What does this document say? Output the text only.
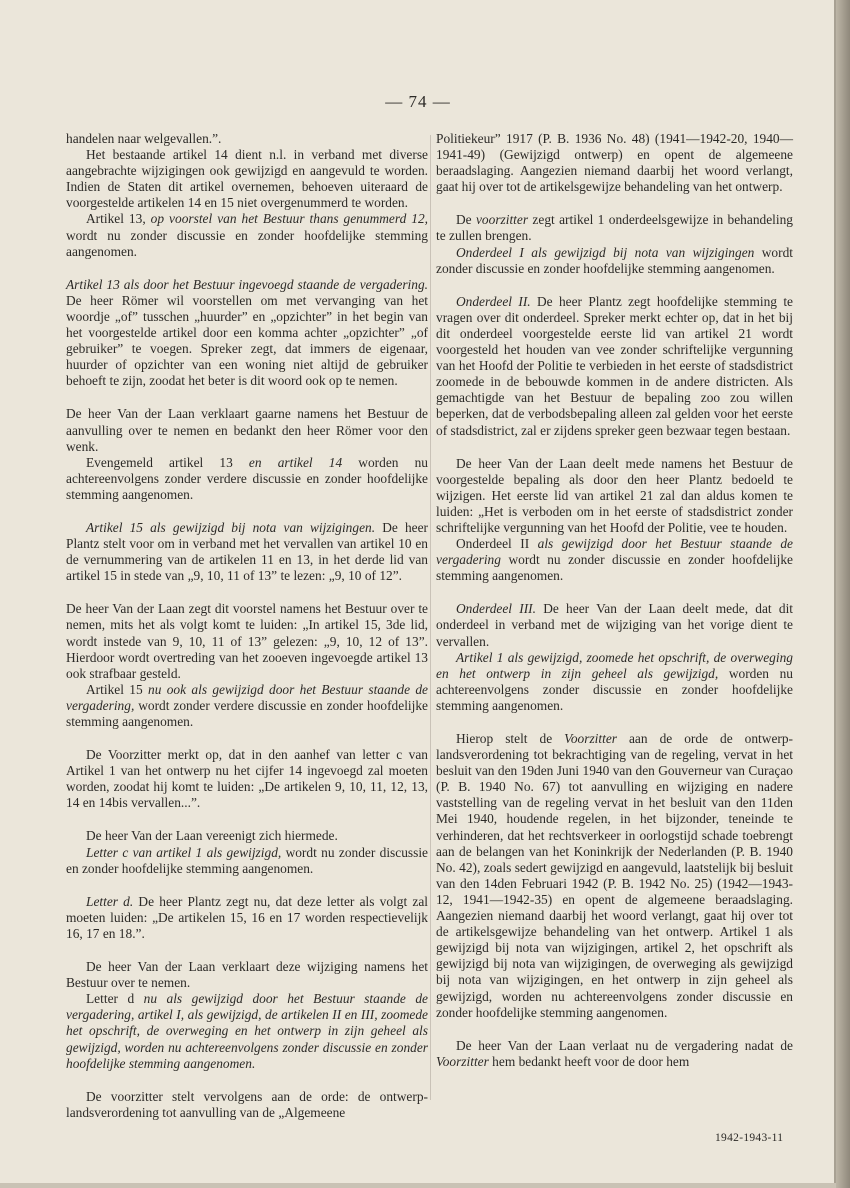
— 74 —

handelen naar welgevallen.”.

Het bestaande artikel 14 dient n.l. in verband met diverse aangebrachte wijzigingen ook gewijzigd en aangevuld te worden. Indien de Staten dit artikel overnemen, behoeven uiteraard de voorgestelde artikelen 14 en 15 niet overgenummerd te worden.

Artikel 13, op voorstel van het Bestuur thans genummerd 12, wordt nu zonder discussie en zonder hoofdelijke stemming aangenomen.

Artikel 13 als door het Bestuur ingevoegd staande de vergadering. De heer Römer wil voorstellen om met vervanging van het woordje „of” tusschen „huurder” en „opzichter” in het begin van het voorgestelde artikel door een komma achter „opzichter” „of gebruiker” te voegen. Spreker zegt, dat immers de eigenaar, huurder of opzichter van een woning niet altijd de gebruiker behoeft te zijn, zoodat het beter is dit woord ook op te nemen.

De heer Van der Laan verklaart gaarne namens het Bestuur de aanvulling over te nemen en bedankt den heer Römer voor den wenk.

Evengemeld artikel 13 en artikel 14 worden nu achtereenvolgens zonder verdere discussie en zonder hoofdelijke stemming aangenomen.

Artikel 15 als gewijzigd bij nota van wijzigingen. De heer Plantz stelt voor om in verband met het vervallen van artikel 10 en de vernummering van de artikelen 11 en 13, in het derde lid van artikel 15 in stede van „9, 10, 11 of 13” te lezen: „9, 10 of 12”.

De heer Van der Laan zegt dit voorstel namens het Bestuur over te nemen, mits het als volgt komt te luiden: „In artikel 15, 3de lid, wordt instede van 9, 10, 11 of 13” gelezen: „9, 10, 12 of 13”. Hierdoor wordt overtreding van het zooeven ingevoegde artikel 13 ook strafbaar gesteld.

Artikel 15 nu ook als gewijzigd door het Bestuur staande de vergadering, wordt zonder verdere discussie en zonder hoofdelijke stemming aangenomen.

De Voorzitter merkt op, dat in den aanhef van letter c van Artikel 1 van het ontwerp nu het cijfer 14 ingevoegd zal moeten worden, zoodat hij komt te luiden: „De artikelen 9, 10, 11, 12, 13, 14 en 14bis vervallen...”.

De heer Van der Laan vereenigt zich hiermede.

Letter c van artikel 1 als gewijzigd, wordt nu zonder discussie en zonder hoofdelijke stemming aangenomen.

Letter d. De heer Plantz zegt nu, dat deze letter als volgt zal moeten luiden: „De artikelen 15, 16 en 17 worden respectievelijk 16, 17 en 18.”.

De heer Van der Laan verklaart deze wijziging namens het Bestuur over te nemen.

Letter d nu als gewijzigd door het Bestuur staande de vergadering, artikel I, als gewijzigd, de artikelen II en III, zoomede het opschrift, de overweging en het ontwerp in zijn geheel als gewijzigd, worden nu achtereenvolgens zonder discussie en zonder hoofdelijke stemming aangenomen.

De voorzitter stelt vervolgens aan de orde: de ontwerp-landsverordening tot aanvulling van de „Algemeene

Politiekeur” 1917 (P. B. 1936 No. 48) (1941—1942-20, 1940—1941-49) (Gewijzigd ontwerp) en opent de algemeene beraadslaging. Aangezien niemand daarbij het woord verlangt, gaat hij over tot de artikelsgewijze behandeling van het ontwerp.

De voorzitter zegt artikel 1 onderdeelsgewijze in behandeling te zullen brengen.

Onderdeel I als gewijzigd bij nota van wijzigingen wordt zonder discussie en zonder hoofdelijke stemming aangenomen.

Onderdeel II. De heer Plantz zegt hoofdelijke stemming te vragen over dit onderdeel. Spreker merkt echter op, dat in het bij dit onderdeel voorgestelde eerste lid van artikel 21 wordt voorgesteld het houden van vee zonder schriftelijke vergunning van het Hoofd der Politie te verbieden in het eerste of stadsdistrict zoomede in de bebouwde kommen in de andere districten. Als gemachtigde van het Bestuur de bepaling zoo zou willen beperken, dat de verbodsbepaling alleen zal gelden voor het eerste of stadsdistrict, zal er zijdens spreker geen bezwaar tegen bestaan.

De heer Van der Laan deelt mede namens het Bestuur de voorgestelde bepaling als door den heer Plantz bedoeld te wijzigen. Het eerste lid van artikel 21 zal dan aldus komen te luiden: „Het is verboden om in het eerste of stadsdistrict zonder schriftelijke vergunning van het Hoofd der Politie, vee te houden.

Onderdeel II als gewijzigd door het Bestuur staande de vergadering wordt nu zonder discussie en zonder hoofdelijke stemming aangenomen.

Onderdeel III. De heer Van der Laan deelt mede, dat dit onderdeel in verband met de wijziging van het vorige dient te vervallen.

Artikel 1 als gewijzigd, zoomede het opschrift, de overweging en het ontwerp in zijn geheel als gewijzigd, worden nu achtereenvolgens zonder discussie en zonder hoofdelijke stemming aangenomen.

Hierop stelt de Voorzitter aan de orde de ontwerp-landsverordening tot bekrachtiging van de regeling, vervat in het besluit van den 19den Juni 1940 van den Gouverneur van Curaçao (P. B. 1940 No. 67) tot aanvulling en wijziging en nadere vaststelling van de regeling vervat in het besluit van den 11den Mei 1940, houdende regelen, in het bijzonder, teneinde te verhinderen, dat het rechtsverkeer in oorlogstijd schade toebrengt aan de belangen van het Koninkrijk der Nederlanden (P. B. 1940 No. 42), zoals sedert gewijzigd en aangevuld, laatstelijk bij besluit van den 14den Februari 1942 (P. B. 1942 No. 25) (1942—1943-12, 1941—1942-35) en opent de algemeene beraadslaging. Aangezien niemand daarbij het woord verlangt, gaat hij over tot de artikelsgewijze behandeling van het ontwerp. Artikel 1 als gewijzigd bij nota van wijzigingen, artikel 2, het opschrift als gewijzigd bij nota van wijzigingen, de overweging als gewijzigd bij nota van wijzigingen, en het ontwerp in zijn geheel als gewijzigd, worden nu achtereenvolgens zonder discussie en zonder hoofdelijke stemming aangenomen.

De heer Van der Laan verlaat nu de vergadering nadat de Voorzitter hem bedankt heeft voor de door hem

1942-1943-11
